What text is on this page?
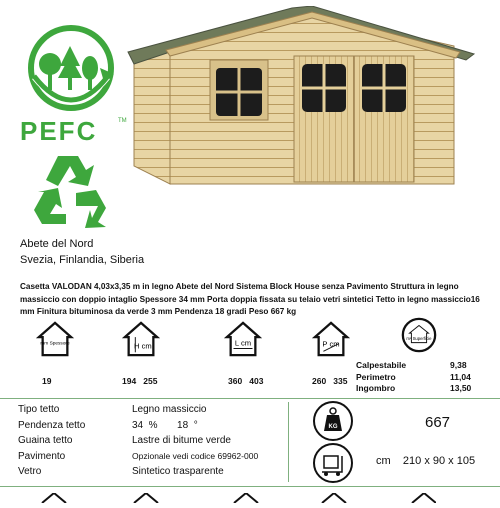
PEFC	TM
Abete del Nord
Svezia, Finlandia, Siberia
Casetta VALODAN 4,03x3,35 m in legno Abete del Nord Sistema Block House senza Pavimento Struttura in legno massiccio con doppio intaglio Spessore 34 mm Porta doppia fissata su telaio vetri sintetici Tetto in legno massiccio16 mm Finitura bituminosa da verde 3 mm Pendenza 18 gradi Peso 667 kg
mm Spessore	H cm	L cm	P cm
m² Superficie
19	194   255	360   403	260   335
Calpestabile	9,38
Perimetro	11,04
Ingombro	13,50
Tipo tetto	Legno massiccio
Pendenza tetto	34  %       18  °
Guaina tetto	Lastre di bitume verde
Pavimento	Opzionale vedi codice 69962-000
Vetro	Sintetico trasparente
KG	667
cm 210 x 90 x 105
